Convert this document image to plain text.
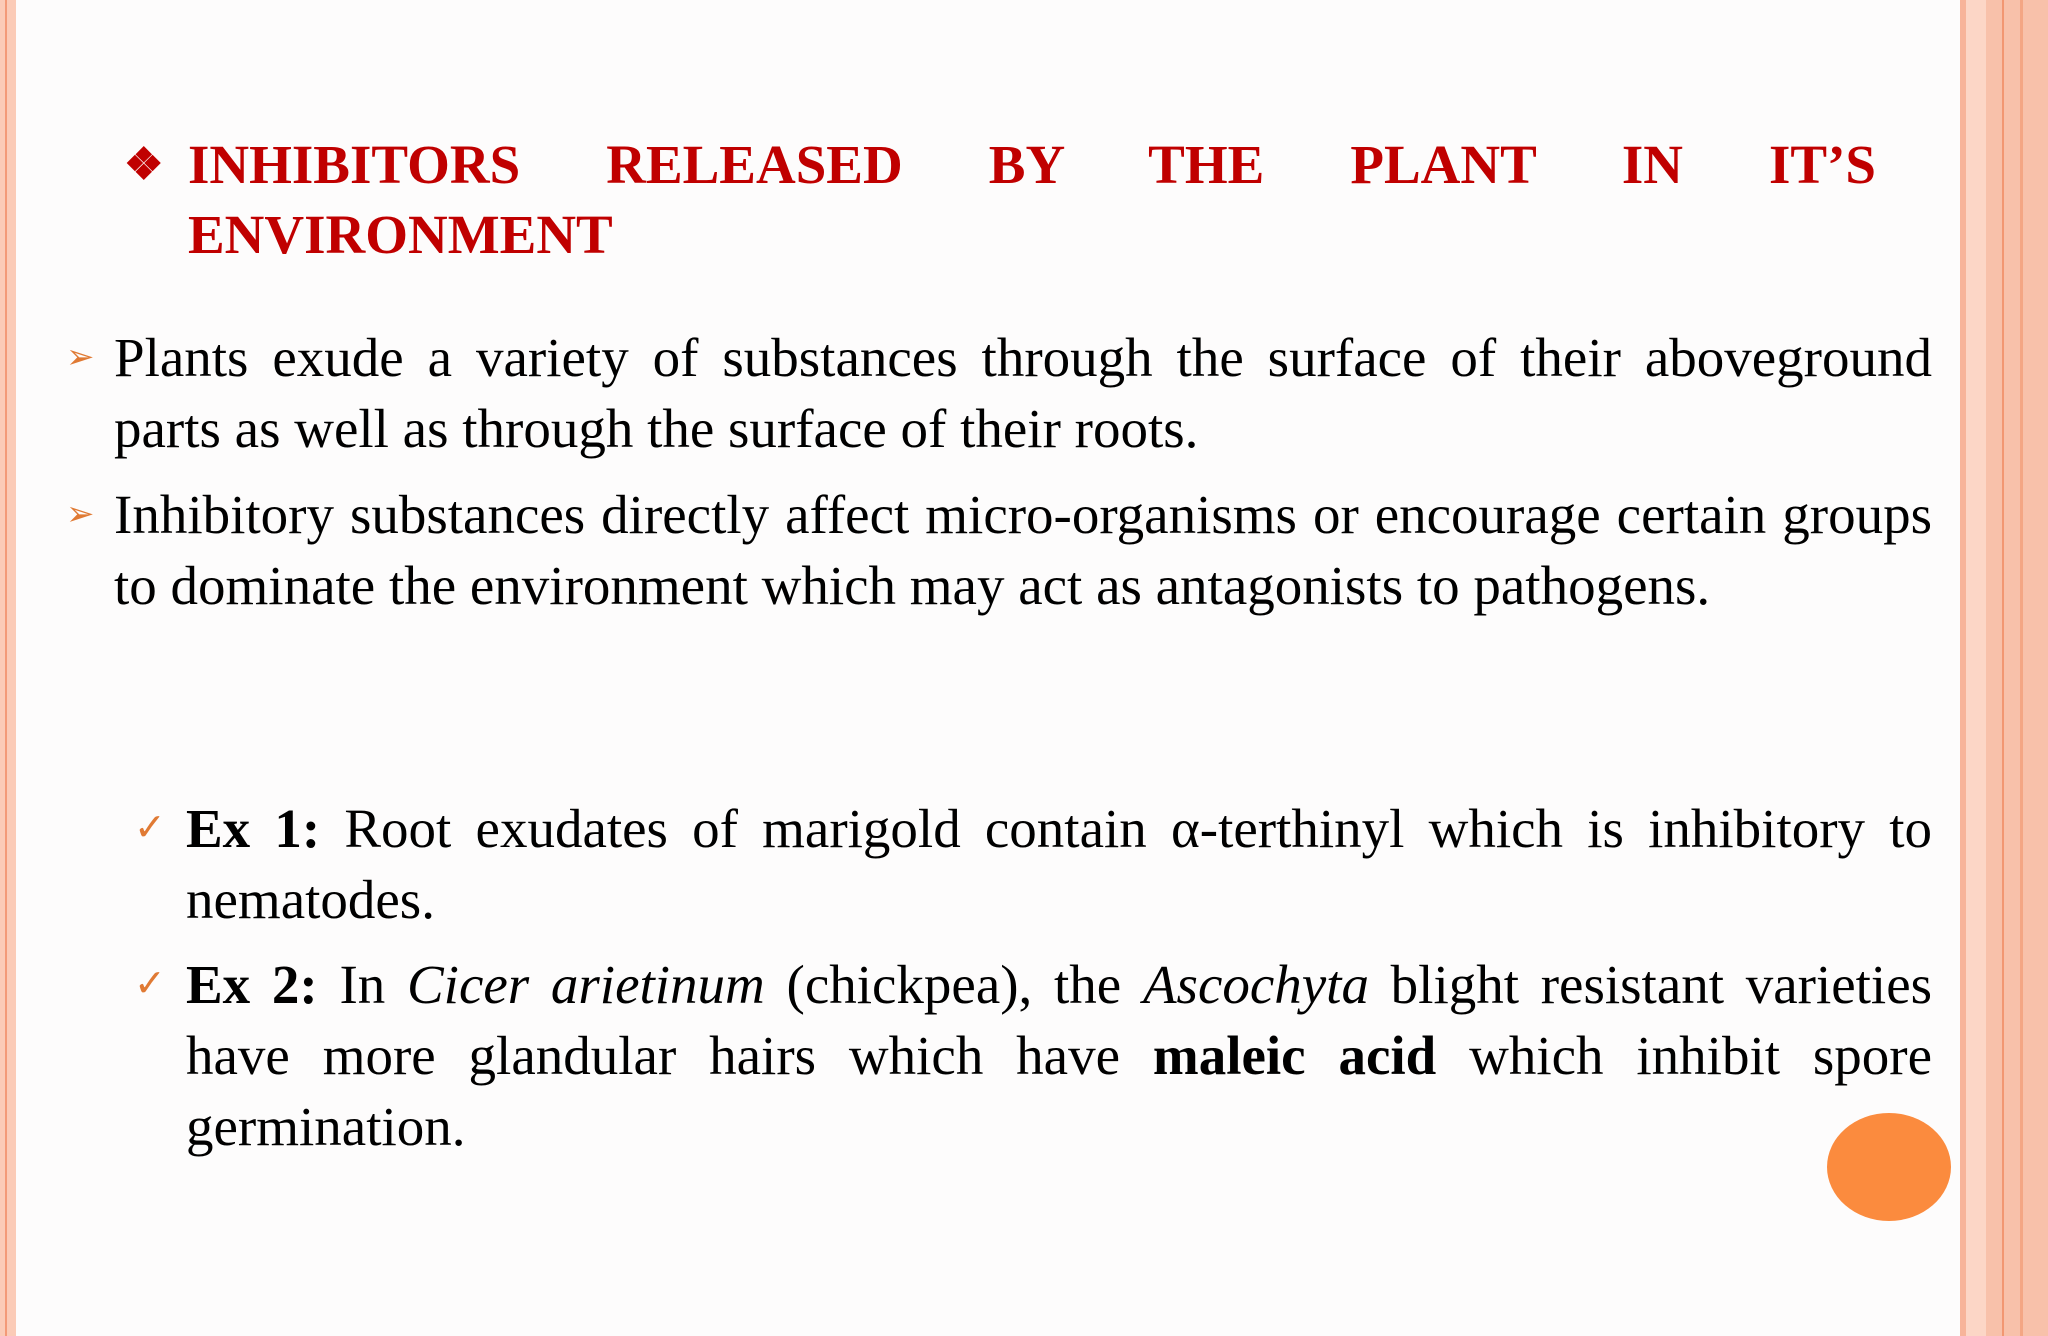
❖ INHIBITORS RELEASED BY THE PLANT IN IT’S ENVIRONMENT
➢ Plants exude a variety of substances through the surface of their aboveground parts as well as through the surface of their roots.
➢ Inhibitory substances directly affect micro-organisms or encourage certain groups to dominate the environment which may act as antagonists to pathogens.
✓ Ex 1: Root exudates of marigold contain α-terthinyl which is inhibitory to nematodes.
✓ Ex 2: In Cicer arietinum (chickpea), the Ascochyta blight resistant varieties have more glandular hairs which have maleic acid which inhibit spore germination.
